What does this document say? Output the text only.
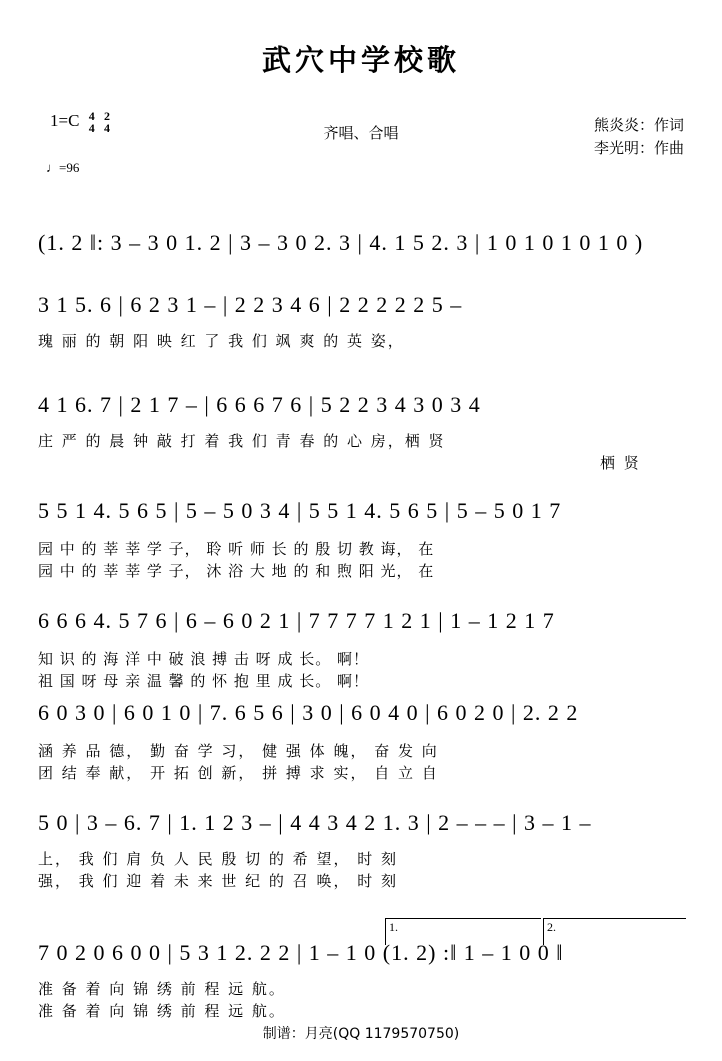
武穴中学校歌
1=C 4
4

2
4
♩=96
齐唱、合唱	熊炎炎：作词
李光明：作曲
(1. 2 ‖: 3 – 3 0 1. 2 | 3 – 3 0 2. 3 | 4. 1 5 2. 3 | 1 0 1 0 1 0 1 0 )
3 1 5. 6 | 6 2 3 1 – | 2 2 3 4 6 | 2 2 2 2 2 5 –
瑰 丽 的 朝 阳 映 红 了 我 们 飒 爽 的 英 姿，
4 1 6. 7 | 2 1 7 – | 6 6 6 7 6 | 5 2 2 3 4 3 0 3 4
庄 严 的 晨 钟 敲 打 着 我 们 青 春 的 心 房，栖 贤
栖 贤
5 5 1 4. 5 6 5 | 5 – 5 0 3 4 | 5 5 1 4. 5 6 5 | 5 – 5 0 1 7
园 中 的 莘 莘 学 子， 聆 听 师 长 的 殷 切 教 诲， 在
园 中 的 莘 莘 学 子， 沐 浴 大 地 的 和 煦 阳 光， 在
6 6 6 4. 5 7 6 | 6 – 6 0 2 1 | 7 7 7 7 1 2 1 | 1 – 1 2 1 7
知 识 的 海 洋 中 破 浪 搏 击 呀 成 长。 啊！
祖 国 呀 母 亲 温 馨 的 怀 抱 里 成 长。 啊！
6 0 3 0 | 6 0 1 0 | 7. 6 5 6 | 3 0 | 6 0 4 0 | 6 0 2 0 | 2. 2 2
涵 养 品 德， 勤 奋 学 习， 健 强 体 魄， 奋 发 向
团 结 奉 献， 开 拓 创 新， 拼 搏 求 实， 自 立 自
5 0 | 3 – 6. 7 | 1. 1 2 3 – | 4 4 3 4 2 1. 3 | 2 – – – | 3 – 1 –
上， 我 们 肩 负 人 民 殷 切 的 希 望， 时 刻
强， 我 们 迎 着 未 来 世 纪 的 召 唤， 时 刻
1.	2.
7 0 2 0 6 0 0 | 5 3 1 2. 2 2 | 1 – 1 0 (1. 2) :‖ 1 – 1 0 0 ‖
准 备 着 向 锦 绣 前 程 远 航。
准 备 着 向 锦 绣 前 程 远 航。
制谱：月亮(QQ 1179570750)
